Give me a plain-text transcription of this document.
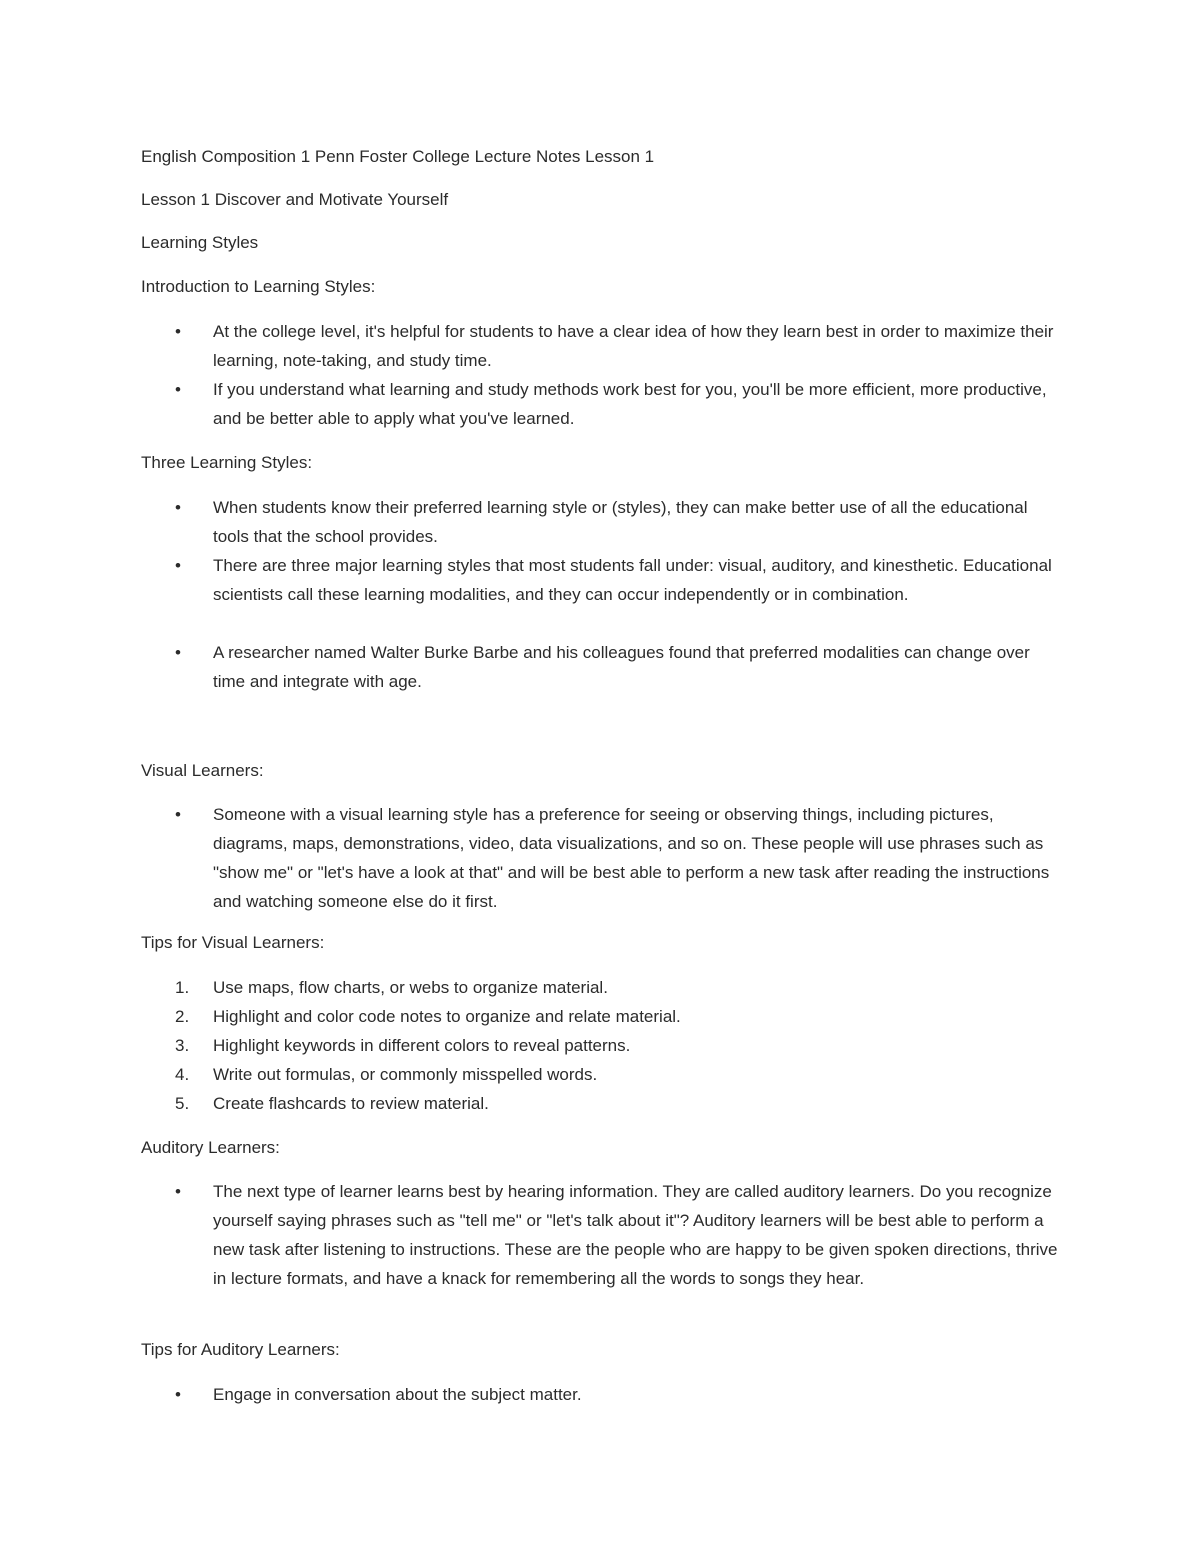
English Composition 1 Penn Foster College Lecture Notes Lesson 1
Lesson 1 Discover and Motivate Yourself
Learning Styles
Introduction to Learning Styles:
•	At the college level, it's helpful for students to have a clear idea of how they learn best in order to maximize their learning, note-taking, and study time.
•	If you understand what learning and study methods work best for you, you'll be more efficient, more productive, and be better able to apply what you've learned.
Three Learning Styles:
•	When students know their preferred learning style or (styles), they can make better use of all the educational tools that the school provides.
•	There are three major learning styles that most students fall under: visual, auditory, and kinesthetic. Educational scientists call these learning modalities, and they can occur independently or in combination.
•	A researcher named Walter Burke Barbe and his colleagues found that preferred modalities can change over time and integrate with age.
Visual Learners:
•	Someone with a visual learning style has a preference for seeing or observing things, including pictures, diagrams, maps, demonstrations, video, data visualizations, and so on. These people will use phrases such as "show me" or "let's have a look at that" and will be best able to perform a new task after reading the instructions and watching someone else do it first.
Tips for Visual Learners:
1.	Use maps, flow charts, or webs to organize material.
2.	Highlight and color code notes to organize and relate material.
3.	Highlight keywords in different colors to reveal patterns.
4.	Write out formulas, or commonly misspelled words.
5.	Create flashcards to review material.
Auditory Learners:
•	The next type of learner learns best by hearing information. They are called auditory learners. Do you recognize yourself saying phrases such as "tell me" or "let's talk about it"? Auditory learners will be best able to perform a new task after listening to instructions. These are the people who are happy to be given spoken directions, thrive in lecture formats, and have a knack for remembering all the words to songs they hear.
Tips for Auditory Learners:
•	Engage in conversation about the subject matter.
